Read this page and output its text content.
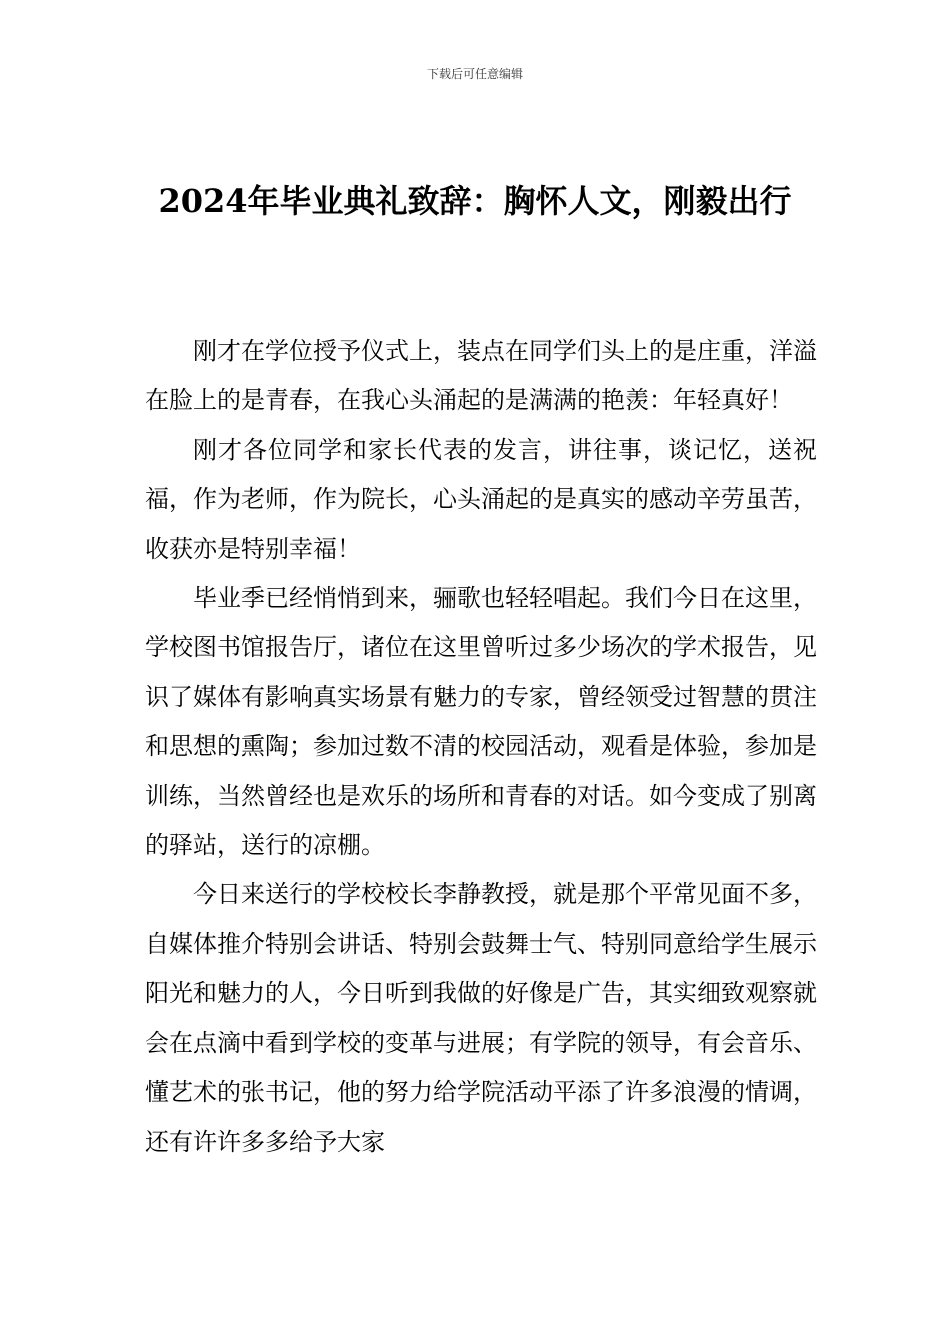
下载后可任意编辑
2024年毕业典礼致辞：胸怀人文，刚毅出行

刚才在学位授予仪式上，装点在同学们头上的是庄重，洋溢在脸上的是青春，在我心头涌起的是满满的艳羡：年轻真好！

刚才各位同学和家长代表的发言，讲往事，谈记忆，送祝福，作为老师，作为院长，心头涌起的是真实的感动辛劳虽苦，收获亦是特别幸福！

毕业季已经悄悄到来，骊歌也轻轻唱起。我们今日在这里，学校图书馆报告厅，诸位在这里曾听过多少场次的学术报告，见识了媒体有影响真实场景有魅力的专家，曾经领受过智慧的贯注和思想的熏陶；参加过数不清的校园活动，观看是体验，参加是训练，当然曾经也是欢乐的场所和青春的对话。如今变成了别离的驿站，送行的凉棚。

今日来送行的学校校长李静教授，就是那个平常见面不多，自媒体推介特别会讲话、特别会鼓舞士气、特别同意给学生展示阳光和魅力的人，今日听到我做的好像是广告，其实细致观察就会在点滴中看到学校的变革与进展；有学院的领导，有会音乐、懂艺术的张书记，他的努力给学院活动平添了许多浪漫的情调，还有许许多多给予大家
